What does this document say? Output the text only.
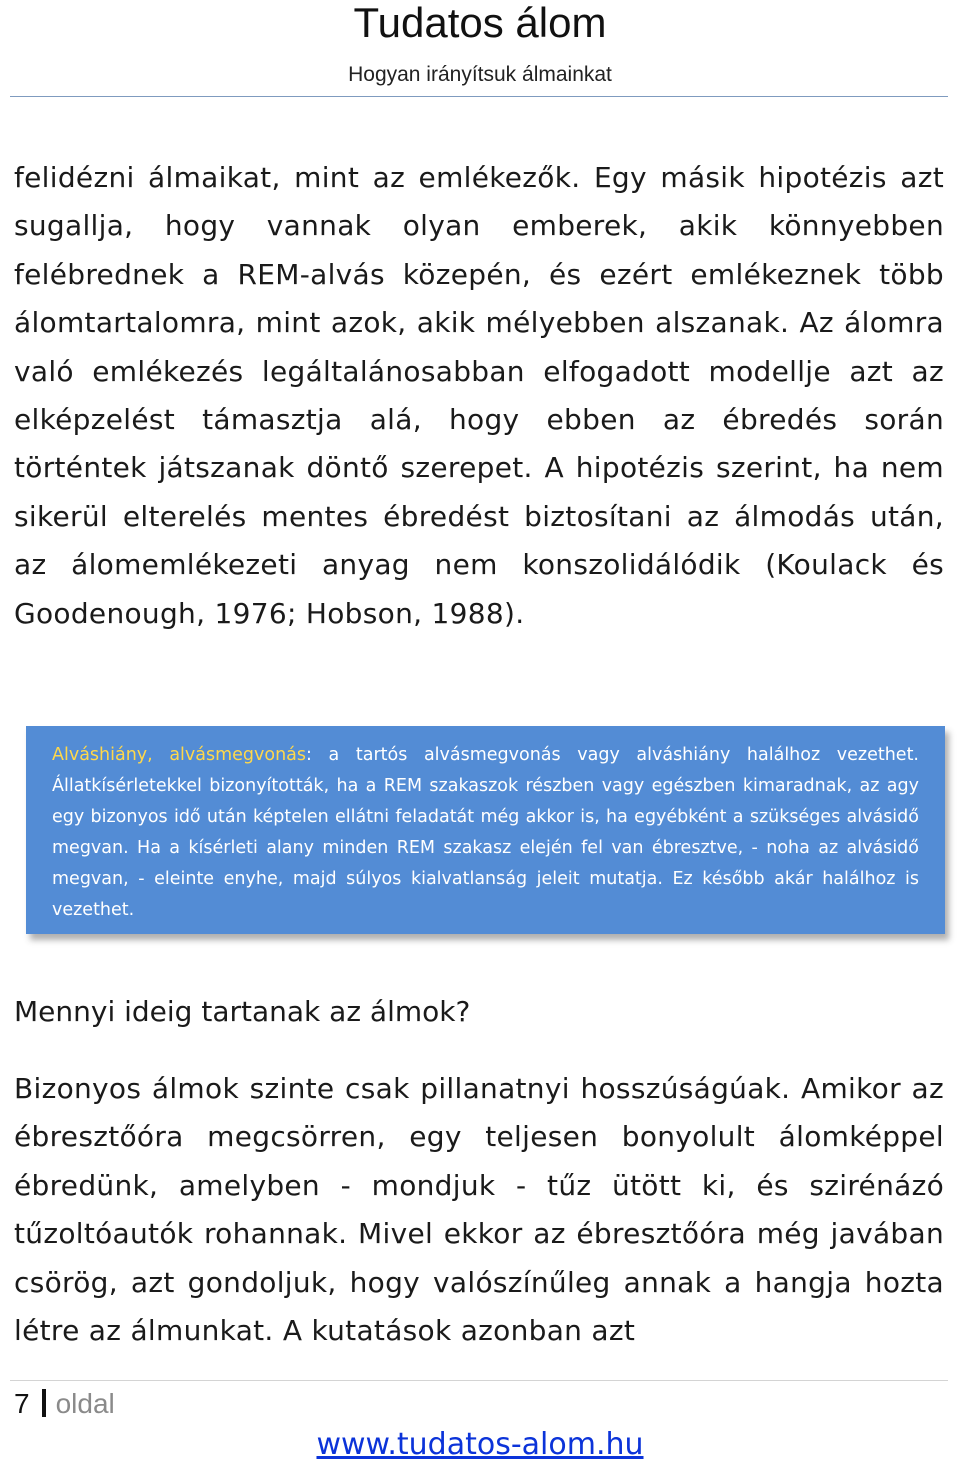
Tudatos álom
Hogyan irányítsuk álmainkat
felidézni álmaikat, mint az emlékezők. Egy másik hipotézis azt sugallja, hogy vannak olyan emberek, akik könnyebben felébrednek a REM-alvás közepén, és ezért emlékeznek több álomtartalomra, mint azok, akik mélyebben alszanak. Az álomra való emlékezés legáltalánosabban elfogadott modellje azt az elképzelést támasztja alá, hogy ebben az ébredés során történtek játszanak döntő szerepet. A hipotézis szerint, ha nem sikerül elterelés mentes ébredést biztosítani az álmodás után, az álomemlékezeti anyag nem konszolidálódik (Koulack és Goodenough, 1976; Hobson, 1988).
Alváshiány, alvásmegvonás: a tartós alvásmegvonás vagy alváshiány halálhoz vezethet. Állatkísérletekkel bizonyították, ha a REM szakaszok részben vagy egészben kimaradnak, az agy egy bizonyos idő után képtelen ellátni feladatát még akkor is, ha egyébként a szükséges alvásidő megvan. Ha a kísérleti alany minden REM szakasz elején fel van ébresztve, - noha az alvásidő megvan, - eleinte enyhe, majd súlyos kialvatlanság jeleit mutatja. Ez később akár halálhoz is vezethet.
Mennyi ideig tartanak az álmok?
Bizonyos álmok szinte csak pillanatnyi hosszúságúak. Amikor az ébresztőóra megcsörren, egy teljesen bonyolult álomképpel ébredünk, amelyben - mondjuk - tűz ütött ki, és szirénázó tűzoltóautók rohannak. Mivel ekkor az ébresztőóra még javában csörög, azt gondoljuk, hogy valószínűleg annak a hangja hozta létre az álmunkat. A kutatások azonban azt
7 oldal
www.tudatos-alom.hu
